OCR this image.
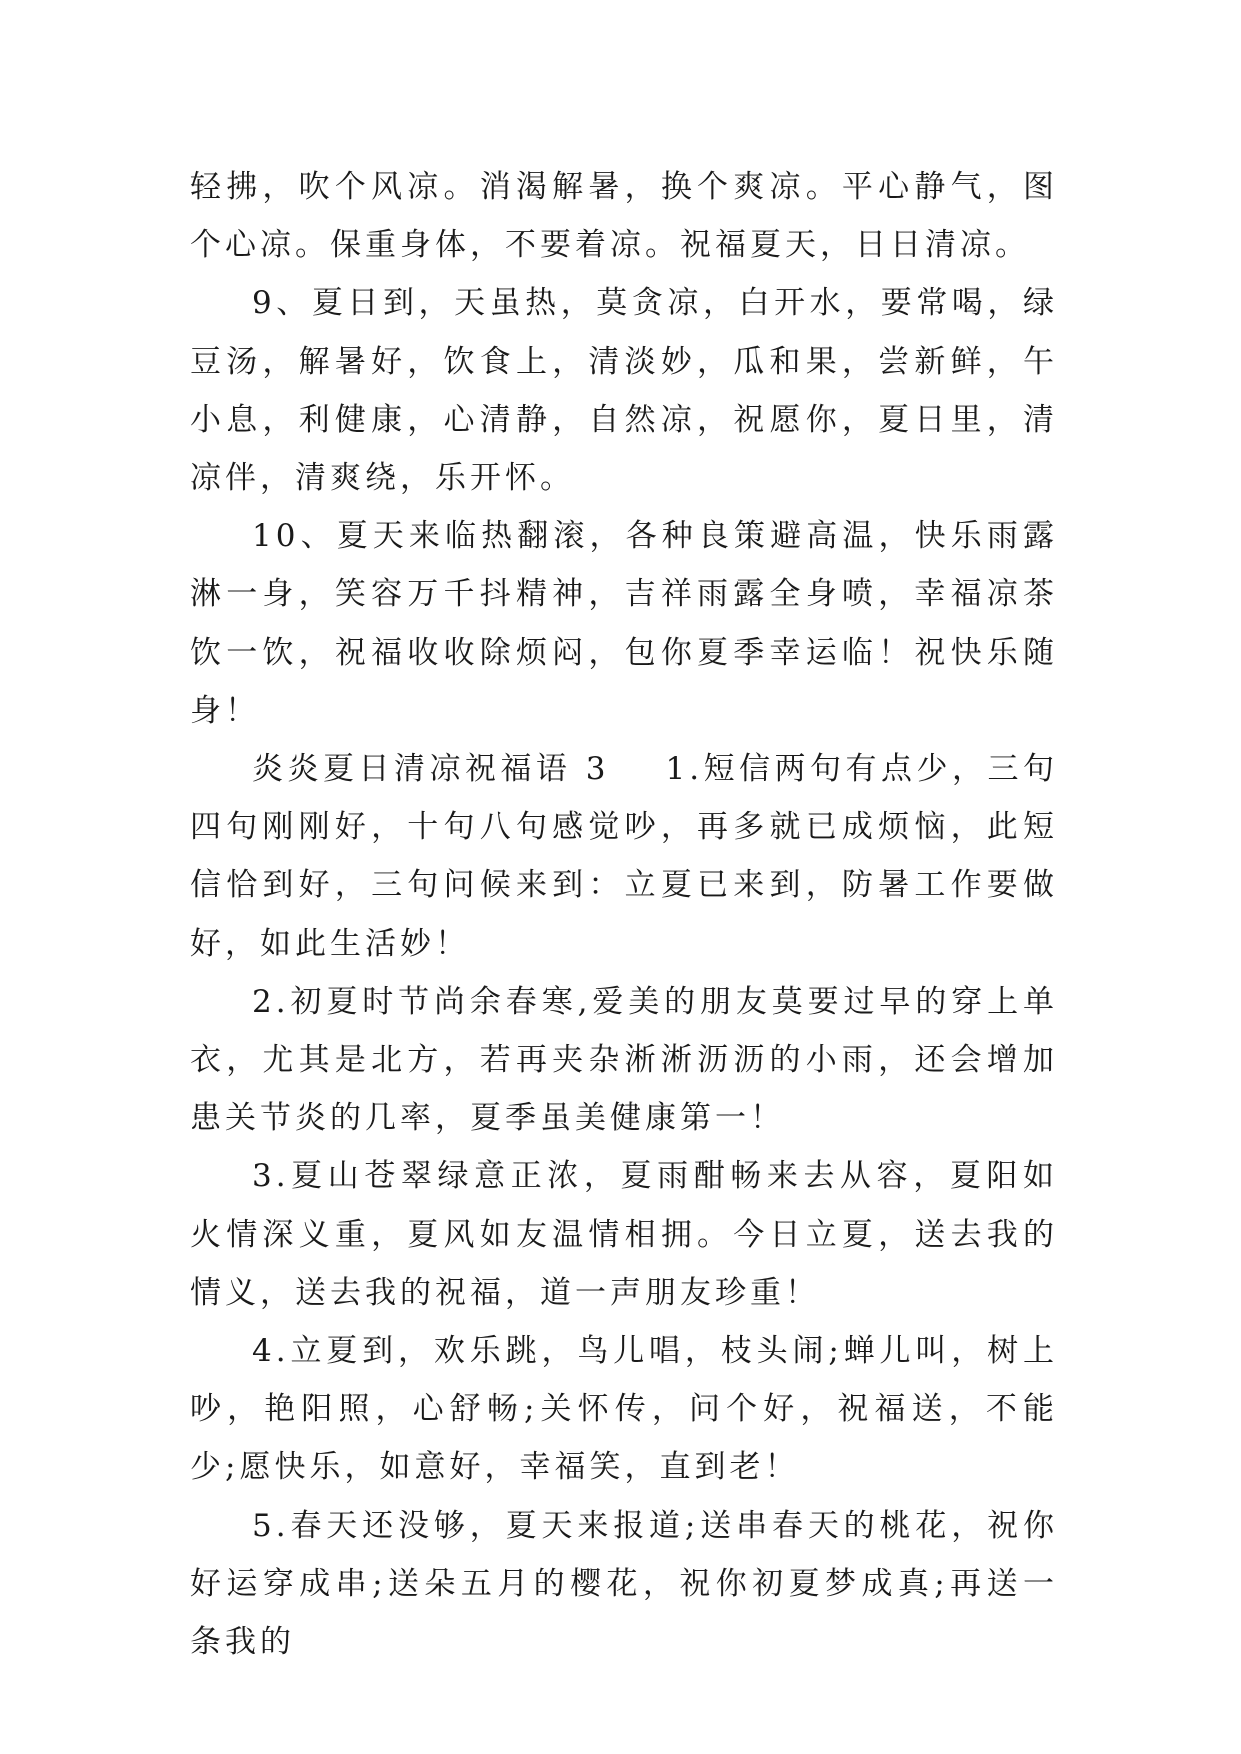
轻拂，吹个风凉。消渴解暑，换个爽凉。平心静气，图个心凉。保重身体，不要着凉。祝福夏天，日日清凉。

9、夏日到，天虽热，莫贪凉，白开水，要常喝，绿豆汤，解暑好，饮食上，清淡妙，瓜和果，尝新鲜，午小息，利健康，心清静，自然凉，祝愿你，夏日里，清凉伴，清爽绕，乐开怀。

10、夏天来临热翻滚，各种良策避高温，快乐雨露淋一身，笑容万千抖精神，吉祥雨露全身喷，幸福凉茶饮一饮，祝福收收除烦闷，包你夏季幸运临！祝快乐随身！

炎炎夏日清凉祝福语 3 1.短信两句有点少，三句四句刚刚好，十句八句感觉吵，再多就已成烦恼，此短信恰到好，三句问候来到：立夏已来到，防暑工作要做好，如此生活妙！

2.初夏时节尚余春寒,爱美的朋友莫要过早的穿上单衣，尤其是北方，若再夹杂淅淅沥沥的小雨，还会增加患关节炎的几率，夏季虽美健康第一！

3.夏山苍翠绿意正浓，夏雨酣畅来去从容，夏阳如火情深义重，夏风如友温情相拥。今日立夏，送去我的情义，送去我的祝福，道一声朋友珍重！

4.立夏到，欢乐跳，鸟儿唱，枝头闹;蝉儿叫，树上吵，艳阳照，心舒畅;关怀传，问个好，祝福送，不能少;愿快乐，如意好，幸福笑，直到老！

5.春天还没够，夏天来报道;送串春天的桃花，祝你好运穿成串;送朵五月的樱花，祝你初夏梦成真;再送一条我的
